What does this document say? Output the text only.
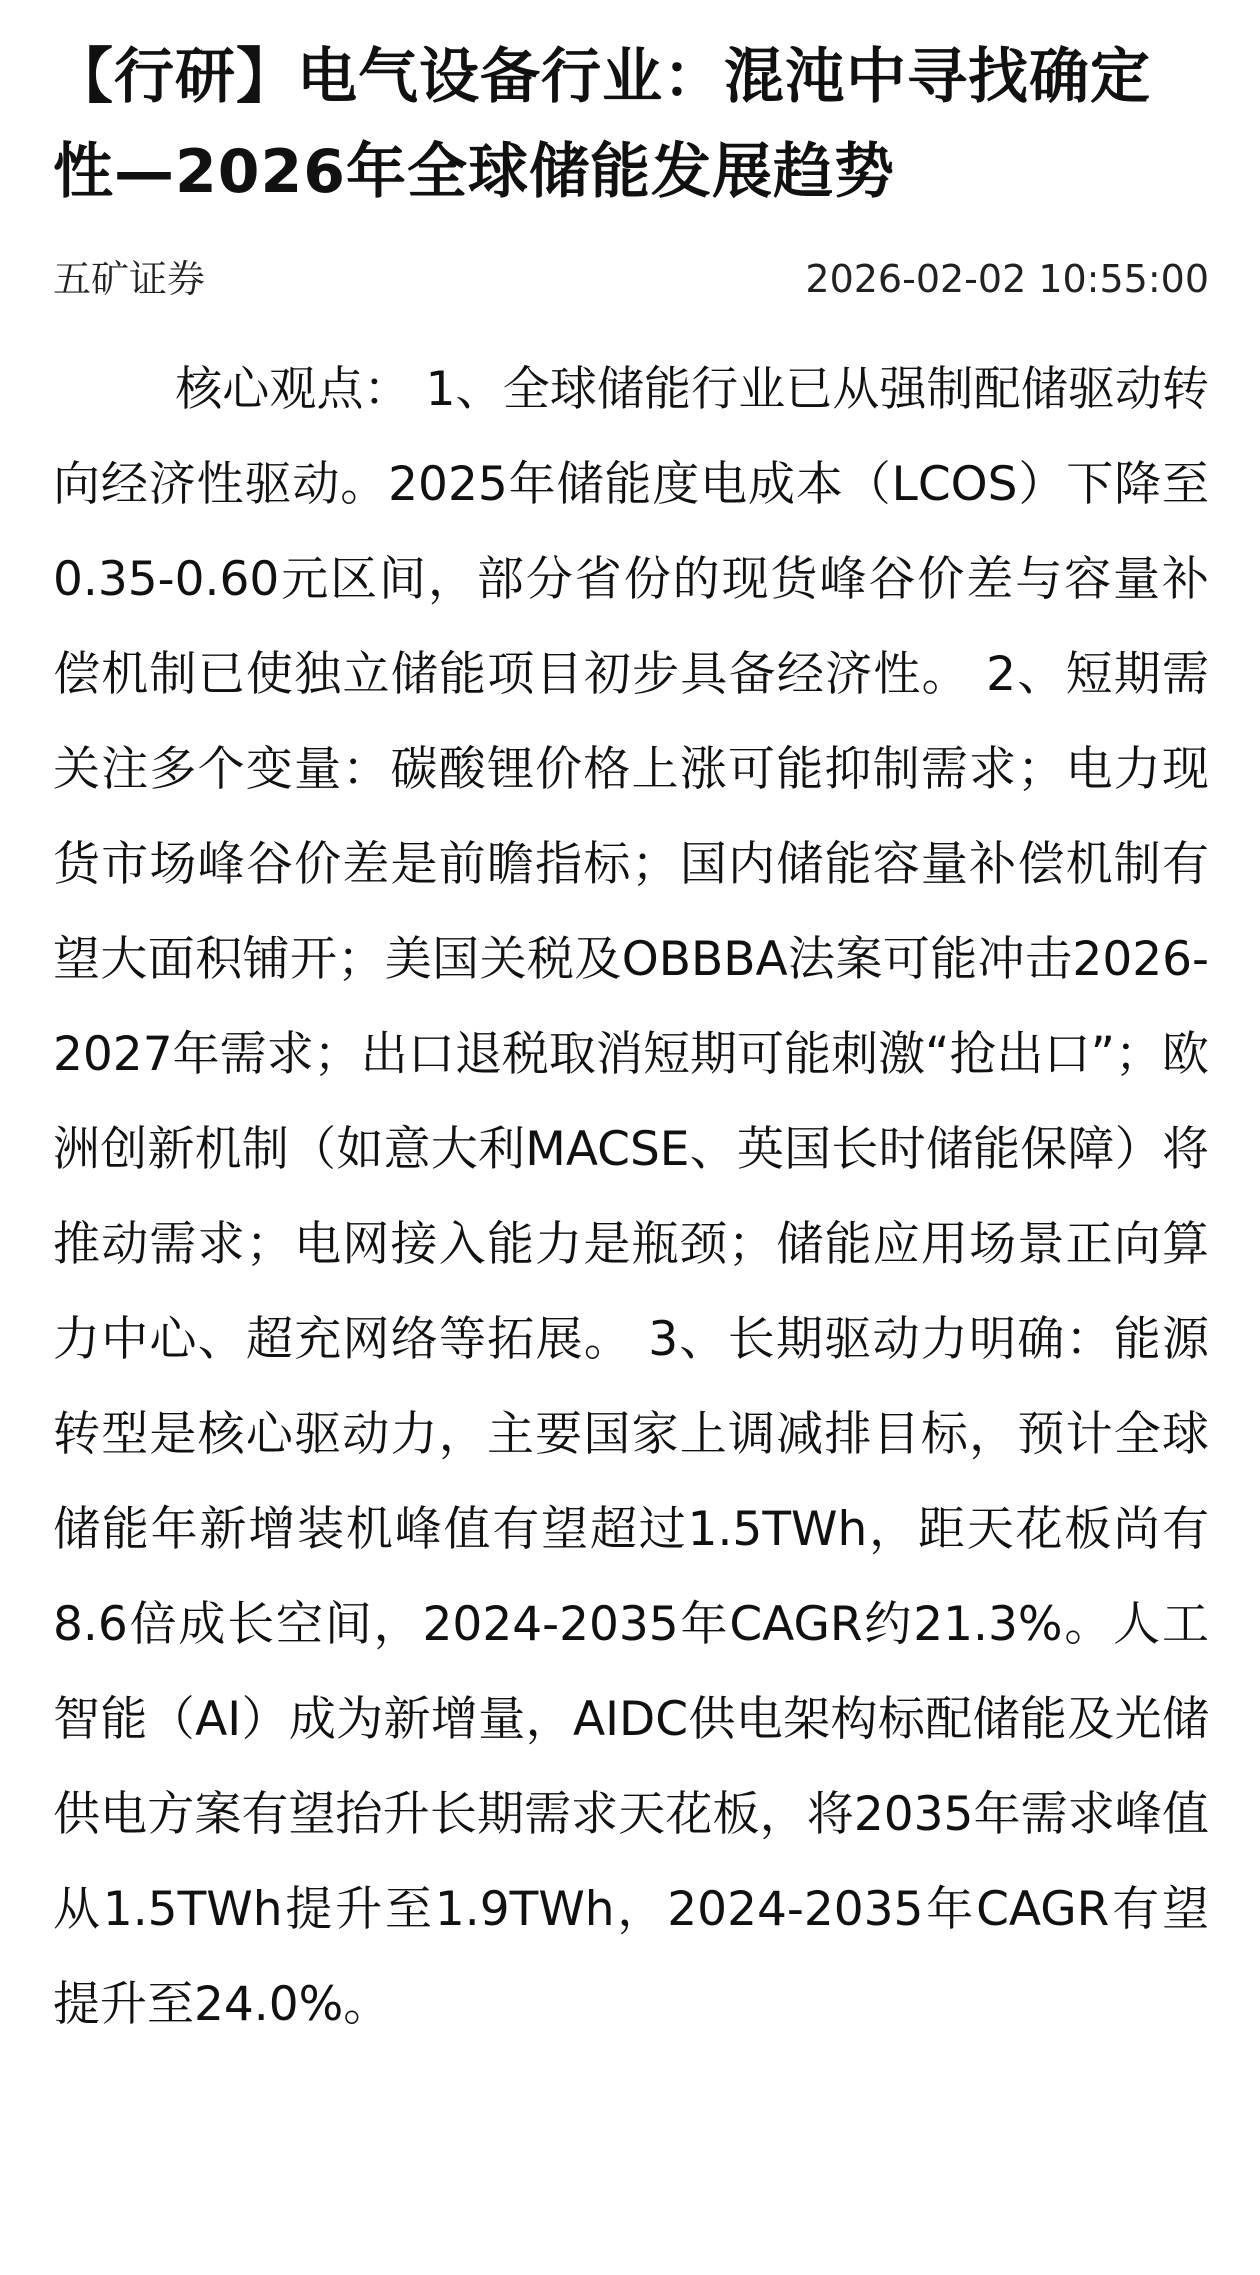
【行研】电气设备行业：混沌中寻找确定性—2026年全球储能发展趋势
五矿证券	2026-02-02 10:55:00

核心观点： 1、全球储能行业已从强制配储驱动转向经济性驱动。2025年储能度电成本（LCOS）下降至0.35-0.60元区间，部分省份的现货峰谷价差与容量补偿机制已使独立储能项目初步具备经济性。 2、短期需关注多个变量：碳酸锂价格上涨可能抑制需求；电力现货市场峰谷价差是前瞻指标；国内储能容量补偿机制有望大面积铺开；美国关税及OBBBA法案可能冲击2026-2027年需求；出口退税取消短期可能刺激“抢出口”；欧洲创新机制（如意大利MACSE、英国长时储能保障）将推动需求；电网接入能力是瓶颈；储能应用场景正向算力中心、超充网络等拓展。 3、长期驱动力明确：能源转型是核心驱动力，主要国家上调减排目标，预计全球储能年新增装机峰值有望超过1.5TWh，距天花板尚有8.6倍成长空间，2024-2035年CAGR约21.3%。人工智能（AI）成为新增量，AIDC供电架构标配储能及光储供电方案有望抬升长期需求天花板，将2035年需求峰值从1.5TWh提升至1.9TWh，2024-2035年CAGR有望提升至24.0%。
